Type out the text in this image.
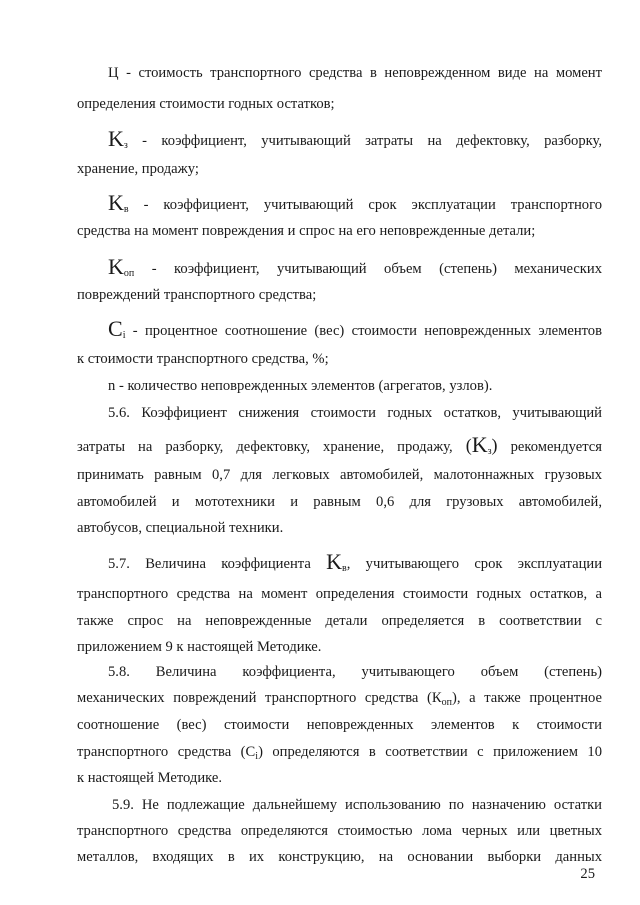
Ц - стоимость транспортного средства в неповрежденном виде на момент
определения стоимости годных остатков;
$K_з$ - коэффициент, учитывающий затраты на дефектовку, разборку,
хранение, продажу;
$K_в$ - коэффициент, учитывающий срок эксплуатации транспортного
средства на момент повреждения и спрос на его неповрежденные детали;
$K_{оп}$ - коэффициент, учитывающий объем (степень) механических
повреждений транспортного средства;
$C_i$ - процентное соотношение (вес) стоимости неповрежденных элементов
к стоимости транспортного средства, %;
n - количество неповрежденных элементов (агрегатов, узлов).
5.6. Коэффициент снижения стоимости годных остатков, учитывающий
затраты на разборку, дефектовку, хранение, продажу, $(K_з)$ рекомендуется
принимать равным 0,7 для легковых автомобилей, малотоннажных грузовых
автомобилей и мототехники и равным 0,6 для грузовых автомобилей,
автобусов, специальной техники.
5.7. Величина коэффициента $K_в$, учитывающего срок эксплуатации
транспортного средства на момент определения стоимости годных остатков, а
также спрос на неповрежденные детали определяется в соответствии с
приложением 9 к настоящей Методике.
5.8. Величина коэффициента, учитывающего объем (степень)
механических повреждений транспортного средства $(К_{оп})$, а также процентное
соотношение (вес) стоимости неповрежденных элементов к стоимости
транспортного средства $(С_i)$ определяются в соответствии с приложением 10
к настоящей Методике.
5.9. Не подлежащие дальнейшему использованию по назначению остатки
транспортного средства определяются стоимостью лома черных или цветных
металлов, входящих в их конструкцию, на основании выборки данных
25
